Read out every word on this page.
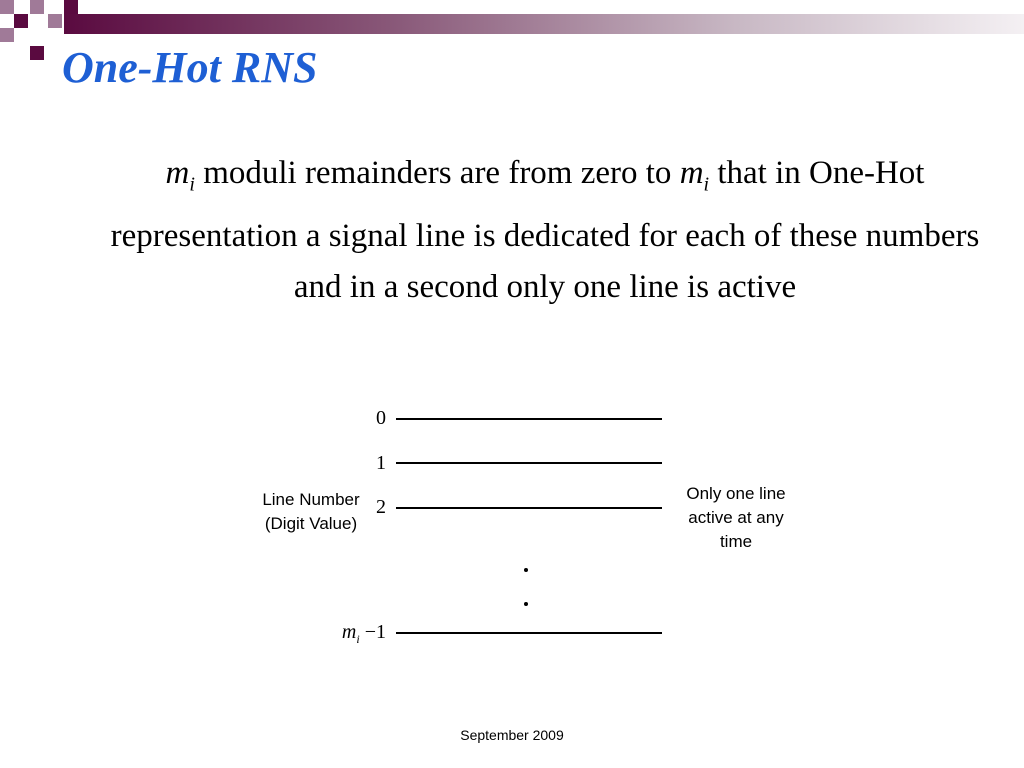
One-Hot RNS

$m_i$ moduli remainders are from zero to $m_i$ that in One-Hot representation a signal line is dedicated for each of these numbers and in a second only one line is active

0
1
2
$m_i -1$
Line Number
(Digit Value)
Only one line
active at any
time
September 2009
